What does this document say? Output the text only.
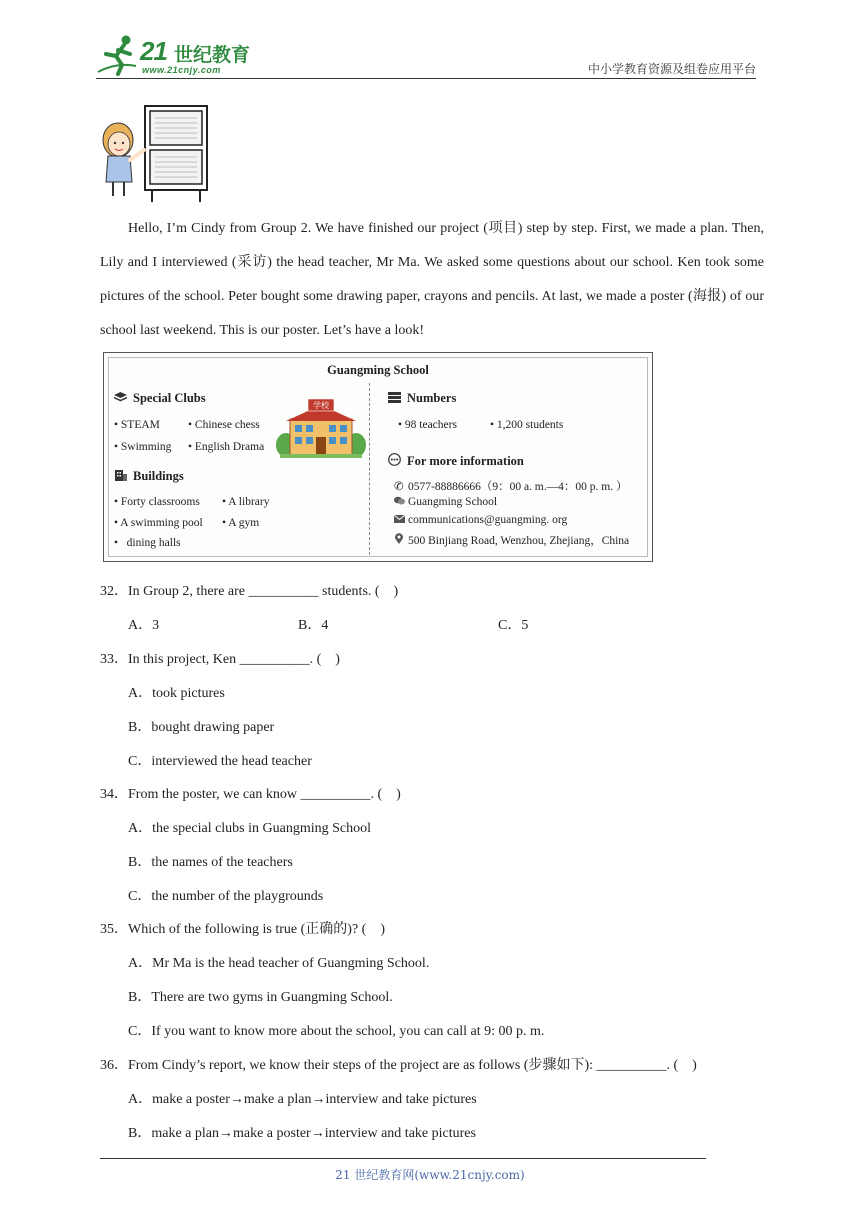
21 世纪教育
www.21cnjy.com	中小学教育资源及组卷应用平台

Hello, I’m Cindy from Group 2. We have finished our project (项目) step by step. First, we made a plan. Then, Lily and I interviewed (采访) the head teacher, Mr Ma. We asked some questions about our school. Ken took some pictures of the school. Peter bought some drawing paper, crayons and pencils. At last, we made a poster (海报) of our school last weekend. This is our poster. Let’s have a look!

Guangming School
Special Clubs
• STEAM • Chinese chess
• Swimming • English Drama
学校
Buildings
• Forty classrooms • A library
• A swimming pool • A gym
•   dining halls
Numbers
• 98 teachers	• 1,200 students
For more information
✆ 0577-88886666（9：00 a. m.—4：00 p. m. ）
Guangming School
communications@guangming. org
500 Binjiang Road, Wenzhou, Zhejiang，China

32．In Group 2, there are __________ students. (　)

A．3	B．4	C．5

33．In this project, Ken __________. (　)

A．took pictures

B．bought drawing paper

C．interviewed the head teacher

34．From the poster, we can know __________. (　)

A．the special clubs in Guangming School

B．the names of the teachers

C．the number of the playgrounds

35．Which of the following is true (正确的)? (　)

A．Mr Ma is the head teacher of Guangming School.

B．There are two gyms in Guangming School.

C．If you want to know more about the school, you can call at 9: 00 p. m.

36．From Cindy’s report, we know their steps of the project are as follows (步骤如下): __________. (　)

A．make a poster→make a plan→interview and take pictures

B．make a plan→make a poster→interview and take pictures

21 世纪教育网(www.21cnjy.com)
